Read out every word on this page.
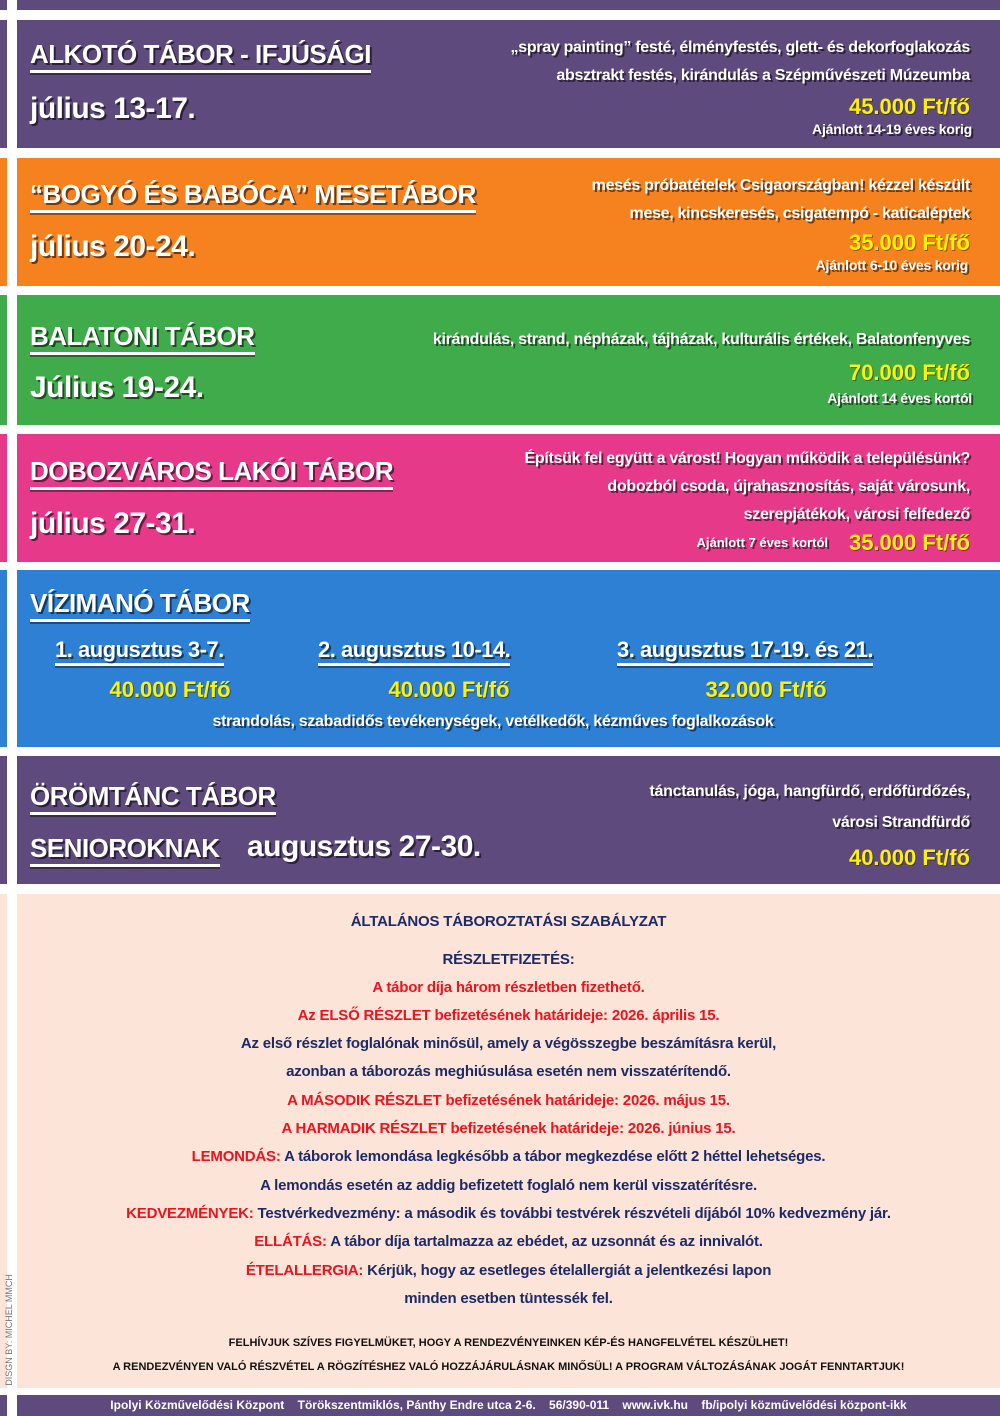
ALKOTÓ TÁBOR - IFJÚSÁGI
július 13-17.
„spray painting” festé, élményfestés, glett- és dekorfoglakozás
absztrakt festés, kirándulás a Szépművészeti Múzeumba
45.000 Ft/fő
Ajánlott 14-19 éves korig
“BOGYÓ ÉS BABÓCA” MESETÁBOR
július 20-24.
mesés próbatételek Csigaországban! kézzel készült
mese, kincskeresés, csigatempó - katicaléptek
35.000 Ft/fő
Ajánlott 6-10 éves korig
BALATONI TÁBOR
Július 19-24.
kirándulás, strand, népházak, tájházak, kulturális értékek, Balatonfenyves
70.000 Ft/fő
Ajánlott 14 éves kortól
DOBOZVÁROS LAKÓI TÁBOR
július 27-31.
Építsük fel együtt a várost! Hogyan működik a településünk?
dobozból csoda, újrahasznosítás, saját városunk,
szerepjátékok, városi felfedező
35.000 Ft/fő
Ajánlott 7 éves kortól
VÍZIMANÓ TÁBOR
1. augusztus 3-7.	2. augusztus 10-14.	3. augusztus 17-19. és 21.
40.000 Ft/fő	40.000 Ft/fő	32.000 Ft/fő
strandolás, szabadidős tevékenységek, vetélkedők, kézműves foglalkozások
ÖRÖMTÁNC TÁBOR
SENIOROKNAK augusztus 27-30.
tánctanulás, jóga, hangfürdő, erdőfürdőzés,
városi Strandfürdő
40.000 Ft/fő
ÁLTALÁNOS TÁBOROZTATÁSI SZABÁLYZAT
RÉSZLETFIZETÉS:
A tábor díja három részletben fizethető.
Az ELSŐ RÉSZLET befizetésének határideje: 2026. április 15.
Az első részlet foglalónak minősül, amely a végösszegbe beszámításra kerül,
azonban a táborozás meghiúsulása esetén nem visszatérítendő.
A MÁSODIK RÉSZLET befizetésének határideje: 2026. május 15.
A HARMADIK RÉSZLET befizetésének határideje: 2026. június 15.
LEMONDÁS: A táborok lemondása legkésőbb a tábor megkezdése előtt 2 héttel lehetséges.
A lemondás esetén az addig befizetett foglaló nem kerül visszatérítésre.
KEDVEZMÉNYEK: Testvérkedvezmény: a második és további testvérek részvételi díjából 10% kedvezmény jár.
ELLÁTÁS: A tábor díja tartalmazza az ebédet, az uzsonnát és az innivalót.
ÉTELALLERGIA: Kérjük, hogy az esetleges ételallergiát a jelentkezési lapon
minden esetben tüntessék fel.
FELHÍVJUK SZÍVES FIGYELMÜKET, HOGY A RENDEZVÉNYEINKEN KÉP-ÉS HANGFELVÉTEL KÉSZÜLHET!
A RENDEZVÉNYEN VALÓ RÉSZVÉTEL A RÖGZÍTÉSHEZ VALÓ HOZZÁJÁRULÁSNAK MINŐSÜL! A PROGRAM VÁLTOZÁSÁNAK JOGÁT FENNTARTJUK!
DISGN BY: MICHEL MMCH
Ipolyi Közművelődési Központ    Törökszentmiklós, Pánthy Endre utca 2-6.    56/390-011    www.ivk.hu    fb/ipolyi közművelődési központ-ikk
